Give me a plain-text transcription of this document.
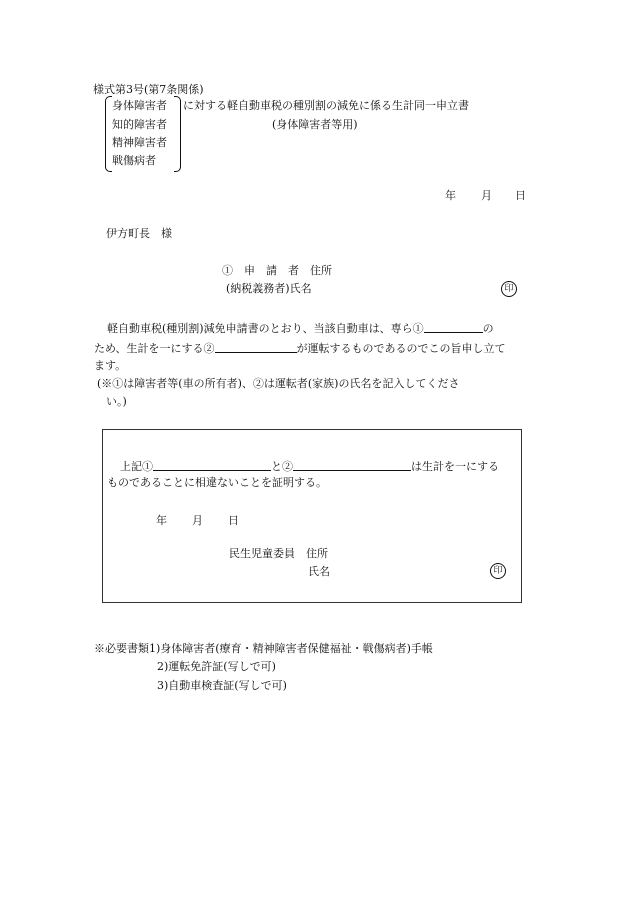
様式第3号(第7条関係)
身体障害者
知的障害者
精神障害者
戦傷病者
に対する軽自動車税の種別割の減免に係る生計同一申立書
(身体障害者等用)
年 月 日
伊方町長　様
①　申　請　者　住所
(納税義務者)氏名	印
軽自動車税(種別割)減免申請書のとおり、当該自動車は、専ら①	の
ため、生計を一にする②	が運転するものであるのでこの旨申し立て
ます。
(※①は障害者等(車の所有者)、②は運転者(家族)の氏名を記入してくださ
い。)
上記①	と②	は生計を一にする
ものであることに相違ないことを証明する。
年 月 日
民生児童委員　住所
氏名	印
※必要書類1)身体障害者(療育・精神障害者保健福祉・戦傷病者)手帳
2)運転免許証(写しで可)
3)自動車検査証(写しで可)
